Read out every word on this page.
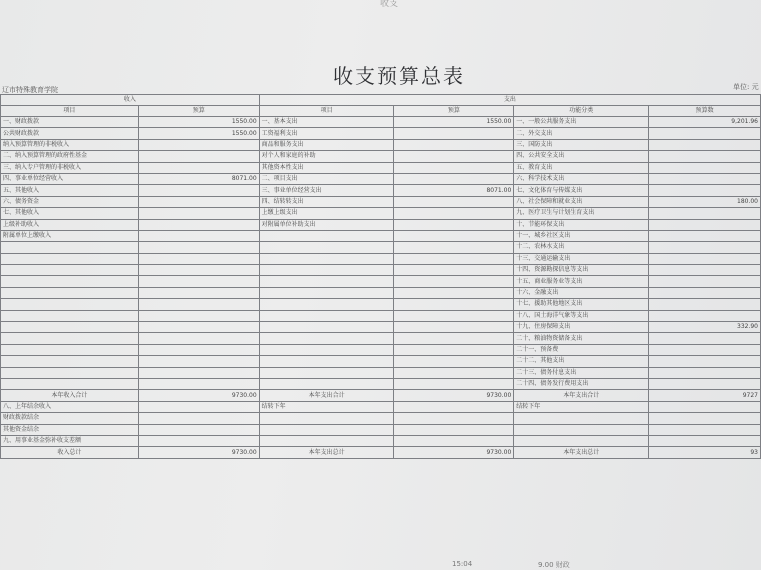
收支
收支预算总表
辽市特殊教育学院	单位: 元
收入		支出			
项目	预算	项目	预算	功能分类	预算数
一、财政拨款	1550.00	一、基本支出	1550.00	一、一般公共服务支出	9,201.96
公共财政拨款	1550.00	工资福利支出		二、外交支出	
纳入预算管理的非税收入		商品和服务支出		三、国防支出	
二、纳入预算管理的政府性基金		对个人和家庭的补助		四、公共安全支出	
三、纳入专户管理的非税收入		其他资本性支出		五、教育支出	
四、事业单位经营收入	8071.00	二、项目支出		六、科学技术支出	
五、其他收入		三、事业单位经营支出	8071.00	七、文化体育与传媒支出	
六、债务资金		四、结转转支出		八、社会保障和就业支出	180.00
七、其他收入		上缴上级支出		九、医疗卫生与计划生育支出	
上级补助收入		对附属单位补助支出		十、节能环保支出	
附属单位上缴收入				十一、城乡社区支出	
				十二、农林水支出	
				十三、交通运输支出	
				十四、资源勘探信息等支出	
				十五、商业服务业等支出	
				十六、金融支出	
				十七、援助其他地区支出	
				十八、国土海洋气象等支出	
				十九、住房保障支出	332.90
				二十、粮油物资储备支出	
				二十一、预备费	
				二十二、其他支出	
				二十三、债务付息支出	
				二十四、债务发行费用支出	
本年收入合计	9730.00	本年支出合计	9730.00	本年支出合计	9727
八、上年结余收入		结转下年		结转下年	
财政拨款结余					
其他资金结余					
九、用事业基金弥补收支差额					
收入总计	9730.00	本年支出总计	9730.00	本年支出总计	93
15:04	9.00 财政
